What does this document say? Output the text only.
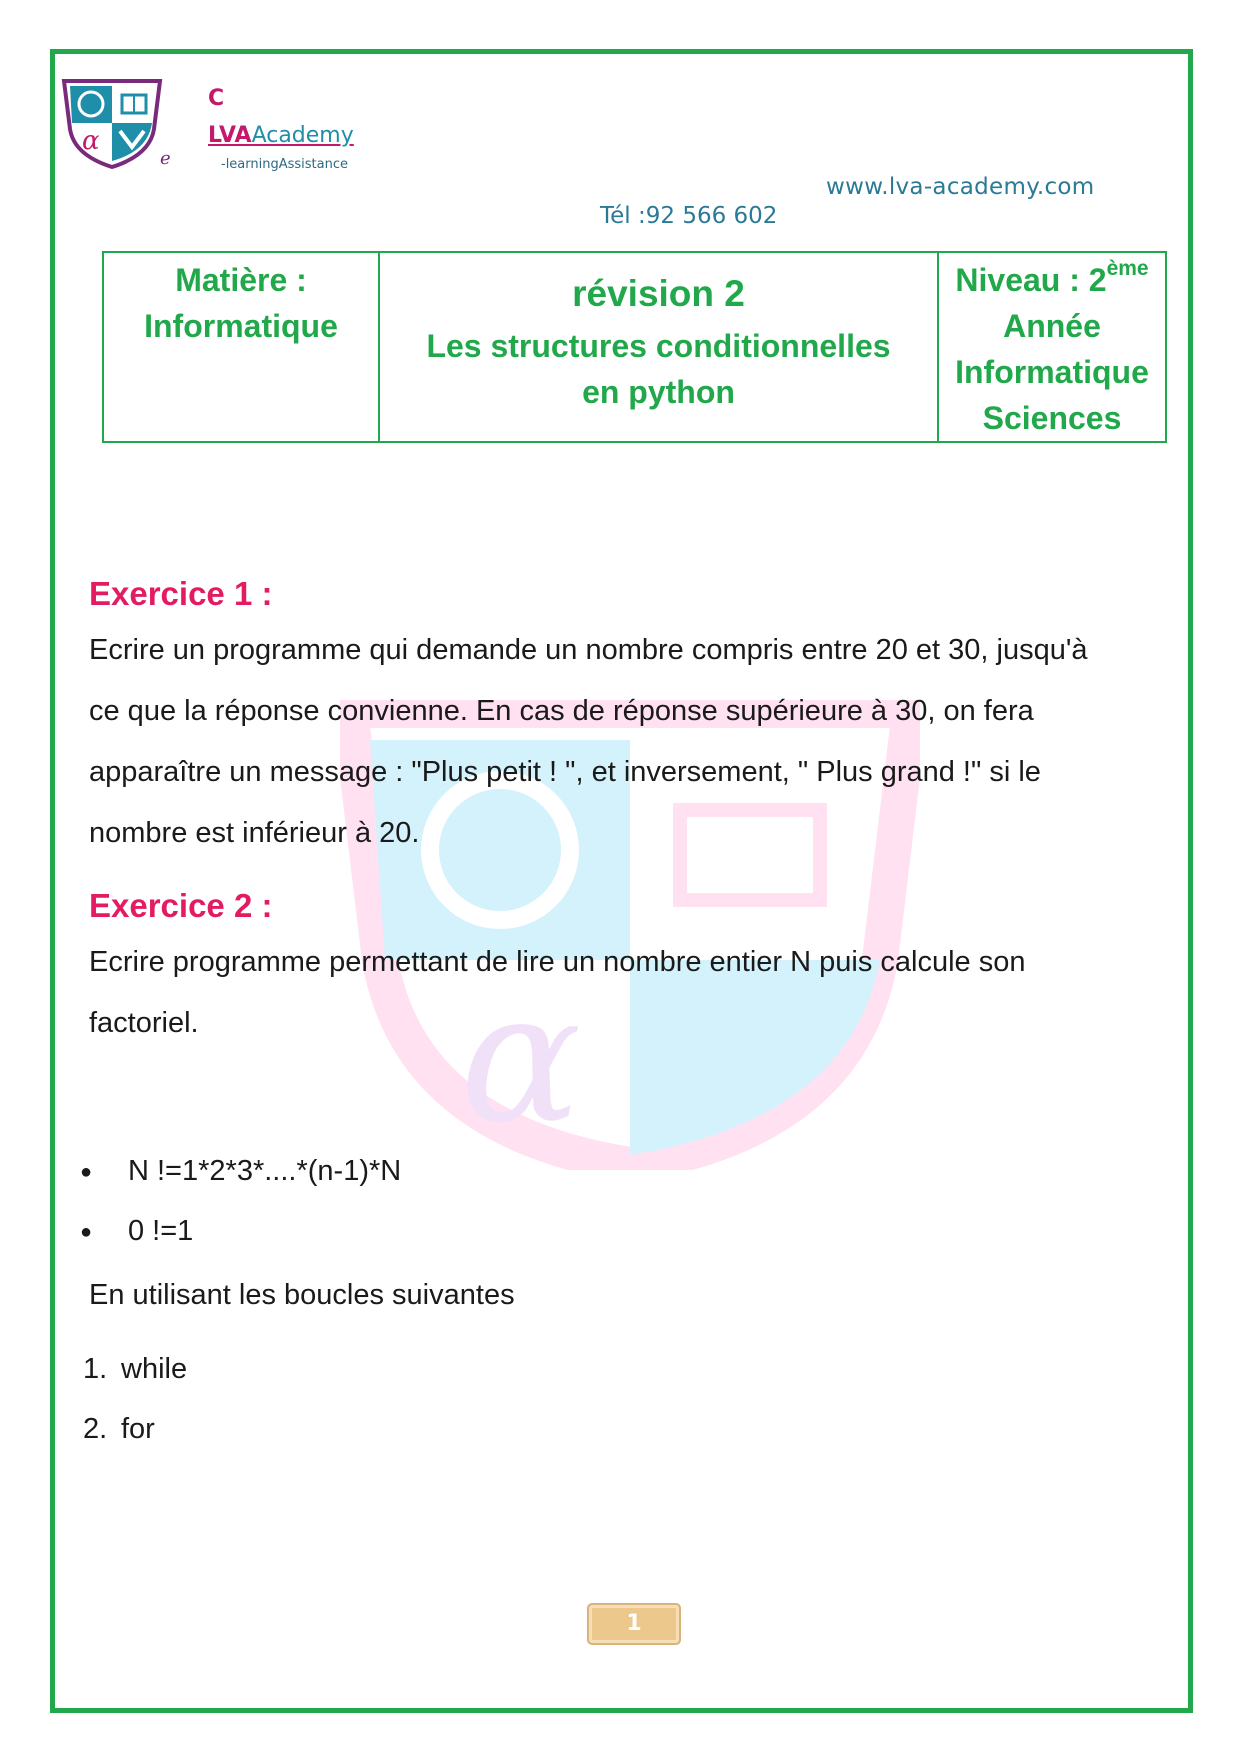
α
e
C
LVAAcademy
-learningAssistance
www.lva-academy.com
Tél :92 566 602
Matière :
Informatique

révision 2
Les structures conditionnelles
en python

Niveau : 2ème
Année
Informatique
Sciences
α
Exercice 1 :
Ecrire un programme qui demande un nombre compris entre 20 et 30, jusqu'à
ce que la réponse convienne. En cas de réponse supérieure à 30, on fera
apparaître un message : "Plus petit ! ", et inversement, " Plus grand !" si le
nombre est inférieur à 20.
Exercice 2 :
Ecrire programme permettant de lire un nombre entier N puis calcule son
factoriel.
● N !=1*2*3*....*(n-1)*N
● 0 !=1
En utilisant les boucles suivantes
1. while
2. for
1
